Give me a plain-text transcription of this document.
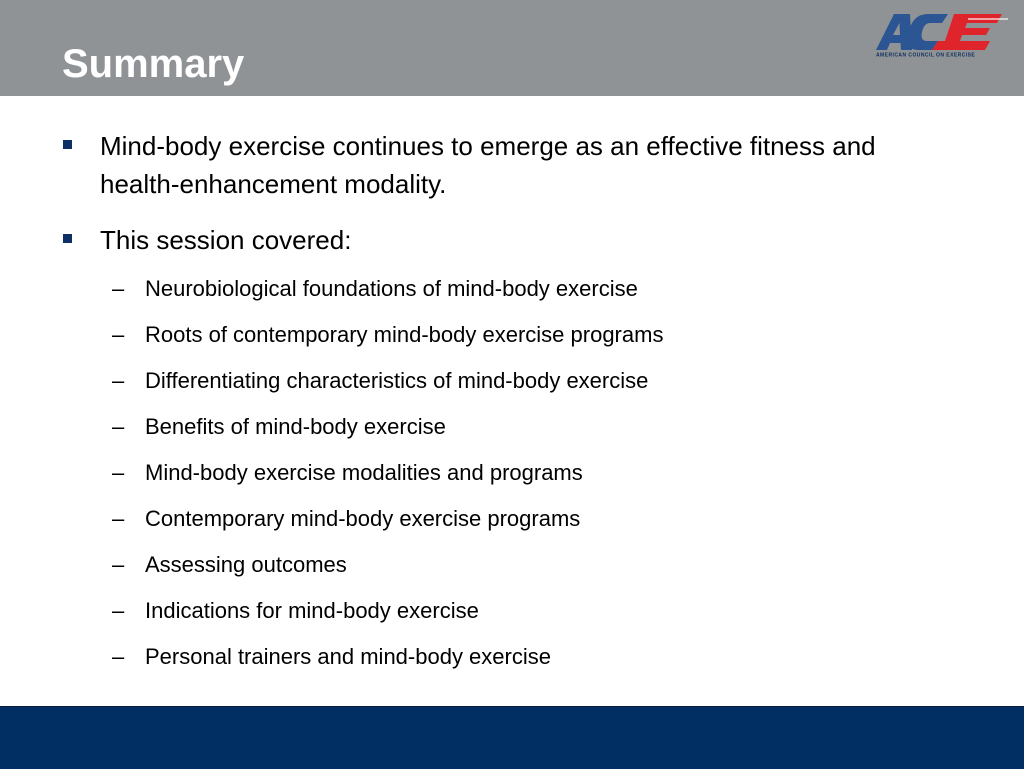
Summary	AMERICAN COUNCIL ON EXERCISE
Mind-body exercise continues to emerge as an effective fitness and health-enhancement modality.
This session covered:
– Neurobiological foundations of mind-body exercise
– Roots of contemporary mind-body exercise programs
– Differentiating characteristics of mind-body exercise
– Benefits of mind-body exercise
– Mind-body exercise modalities and programs
– Contemporary mind-body exercise programs
– Assessing outcomes
– Indications for mind-body exercise
– Personal trainers and mind-body exercise
